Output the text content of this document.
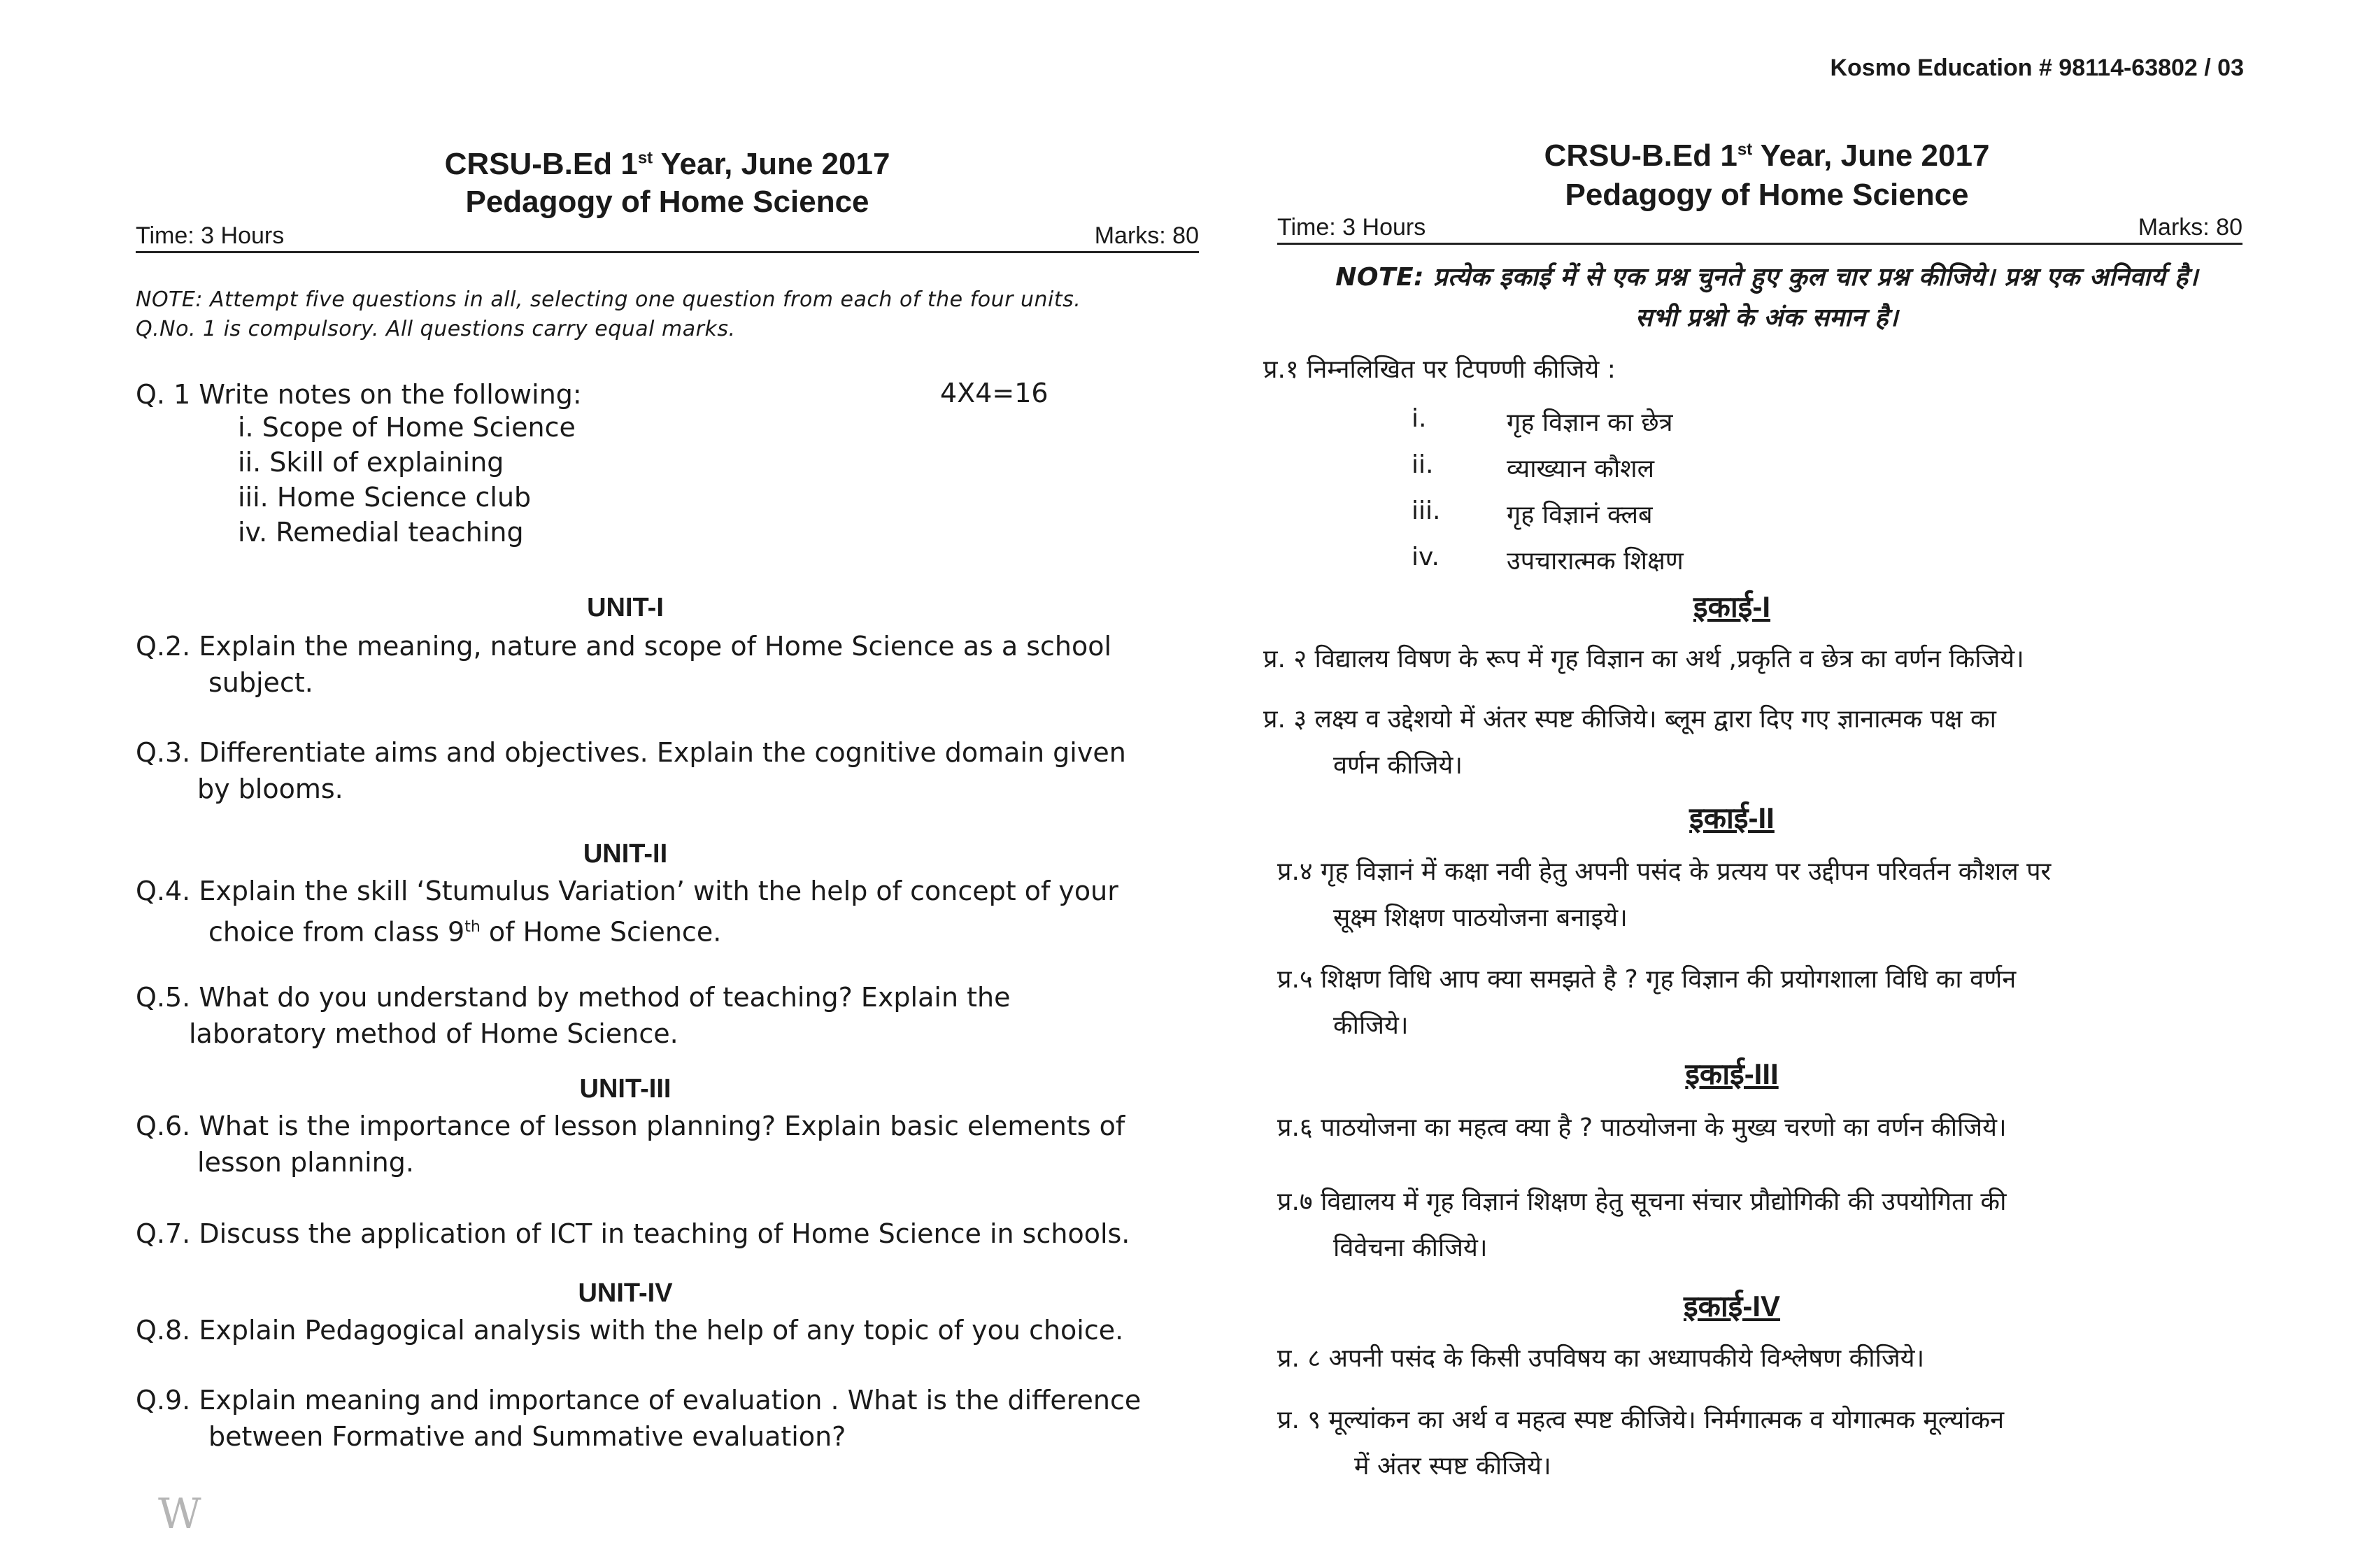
Kosmo Education # 98114-63802 / 03
CRSU-B.Ed 1st Year, June 2017
Pedagogy of Home Science
Time: 3 Hours	Marks: 80
NOTE: Attempt five questions in all, selecting one question from each of the four units.
Q.No. 1 is compulsory. All questions carry equal marks.
Q. 1 Write notes on the following:	4X4=16
i. Scope of Home Science
ii. Skill of explaining
iii. Home Science club
iv. Remedial teaching
UNIT-I
Q.2. Explain the meaning, nature and scope of Home Science as a school
subject.
Q.3. Differentiate aims and objectives. Explain the cognitive domain given
by blooms.
UNIT-II
Q.4. Explain the skill ‘Stumulus Variation’ with the help of concept of your
choice from class 9th of Home Science.
Q.5. What do you understand by method of teaching? Explain the
laboratory method of Home Science.
UNIT-III
Q.6. What is the importance of lesson planning? Explain basic elements of
lesson planning.
Q.7. Discuss the application of ICT in teaching of Home Science in schools.
UNIT-IV
Q.8. Explain Pedagogical analysis with the help of any topic of you choice.
Q.9. Explain meaning and importance of evaluation . What is the difference
between Formative and Summative evaluation?
CRSU-B.Ed 1st Year, June 2017
Pedagogy of Home Science
Time: 3 Hours	Marks: 80
NOTE: प्रत्येक इकाई में से एक प्रश्न चुनते हुए कुल चार प्रश्न कीजिये। प्रश्न एक अनिवार्य है।
सभी प्रश्नो के अंक समान है।
प्र.१ निम्नलिखित पर टिपण्णी कीजिये :
i.	गृह विज्ञान का छेत्र
ii.	व्याख्यान कौशल
iii.	गृह विज्ञानं क्लब
iv.	उपचारात्मक शिक्षण
इकाई-I
प्र. २ विद्यालय विषण के रूप में गृह विज्ञान का अर्थ ,प्रकृति व छेत्र का वर्णन किजिये।
प्र. ३ लक्ष्य व उद्देशयो में अंतर स्पष्ट कीजिये। ब्लूम द्वारा दिए गए ज्ञानात्मक पक्ष का
वर्णन कीजिये।
इकाई-II
प्र.४ गृह विज्ञानं में कक्षा नवी हेतु अपनी पसंद के प्रत्यय पर उद्दीपन परिवर्तन कौशल पर
सूक्ष्म शिक्षण पाठयोजना बनाइये।
प्र.५ शिक्षण विधि आप क्या समझते है ? गृह विज्ञान की प्रयोगशाला विधि का वर्णन
कीजिये।
इकाई-III
प्र.६ पाठयोजना का महत्व क्या है ? पाठयोजना के मुख्य चरणो का वर्णन कीजिये।
प्र.७ विद्यालय में गृह विज्ञानं शिक्षण हेतु सूचना संचार प्रौद्योगिकी की उपयोगिता की
विवेचना कीजिये।
इकाई-IV
प्र. ८ अपनी पसंद के किसी उपविषय का अध्यापकीये विश्लेषण कीजिये।
प्र. ९ मूल्यांकन का अर्थ व महत्व स्पष्ट कीजिये। निर्मगात्मक व योगात्मक मूल्यांकन
में अंतर स्पष्ट कीजिये।
W
